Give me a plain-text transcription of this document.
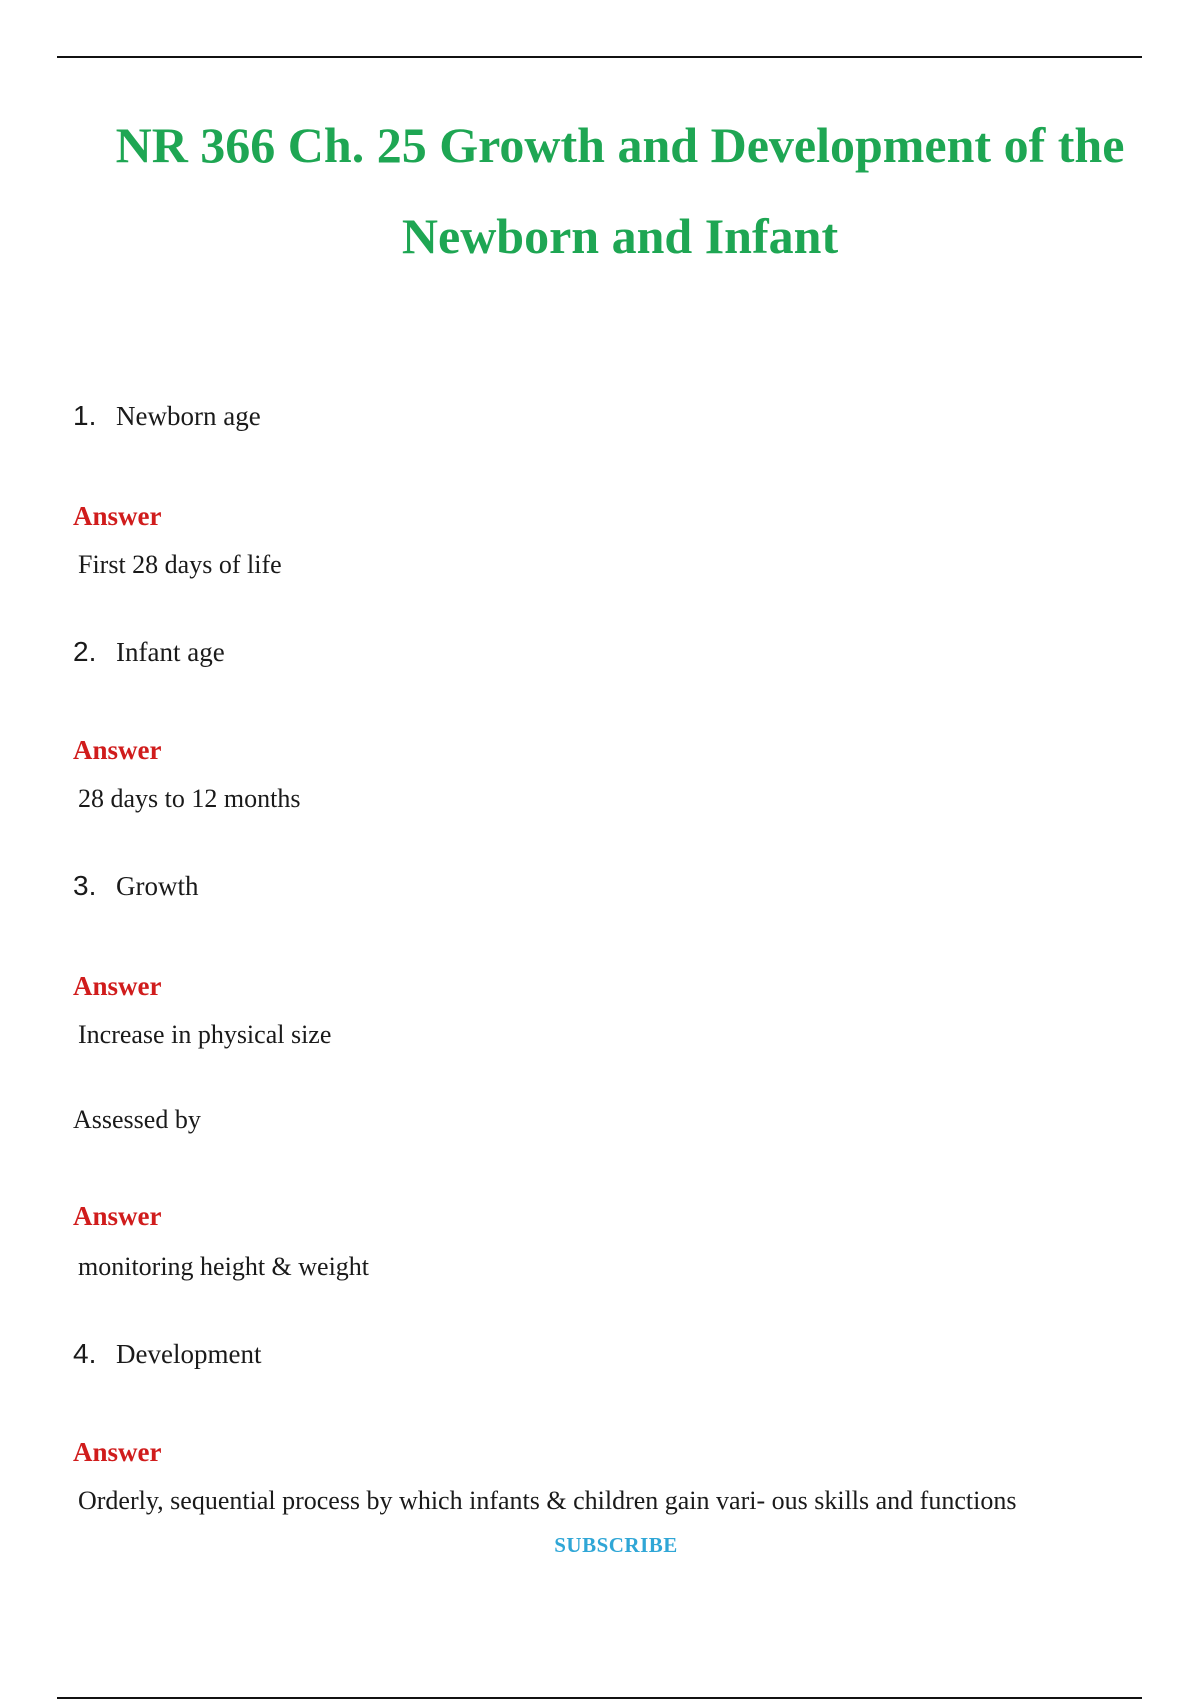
NR 366 Ch. 25 Growth and Development of the Newborn and Infant
1. Newborn age
Answer
First 28 days of life
2. Infant age
Answer
28 days to 12 months
3. Growth
Answer
Increase in physical size
Assessed by
Answer
monitoring height & weight
4. Development
Answer
Orderly, sequential process by which infants & children gain vari- ous skills and functions
SUBSCRIBE
